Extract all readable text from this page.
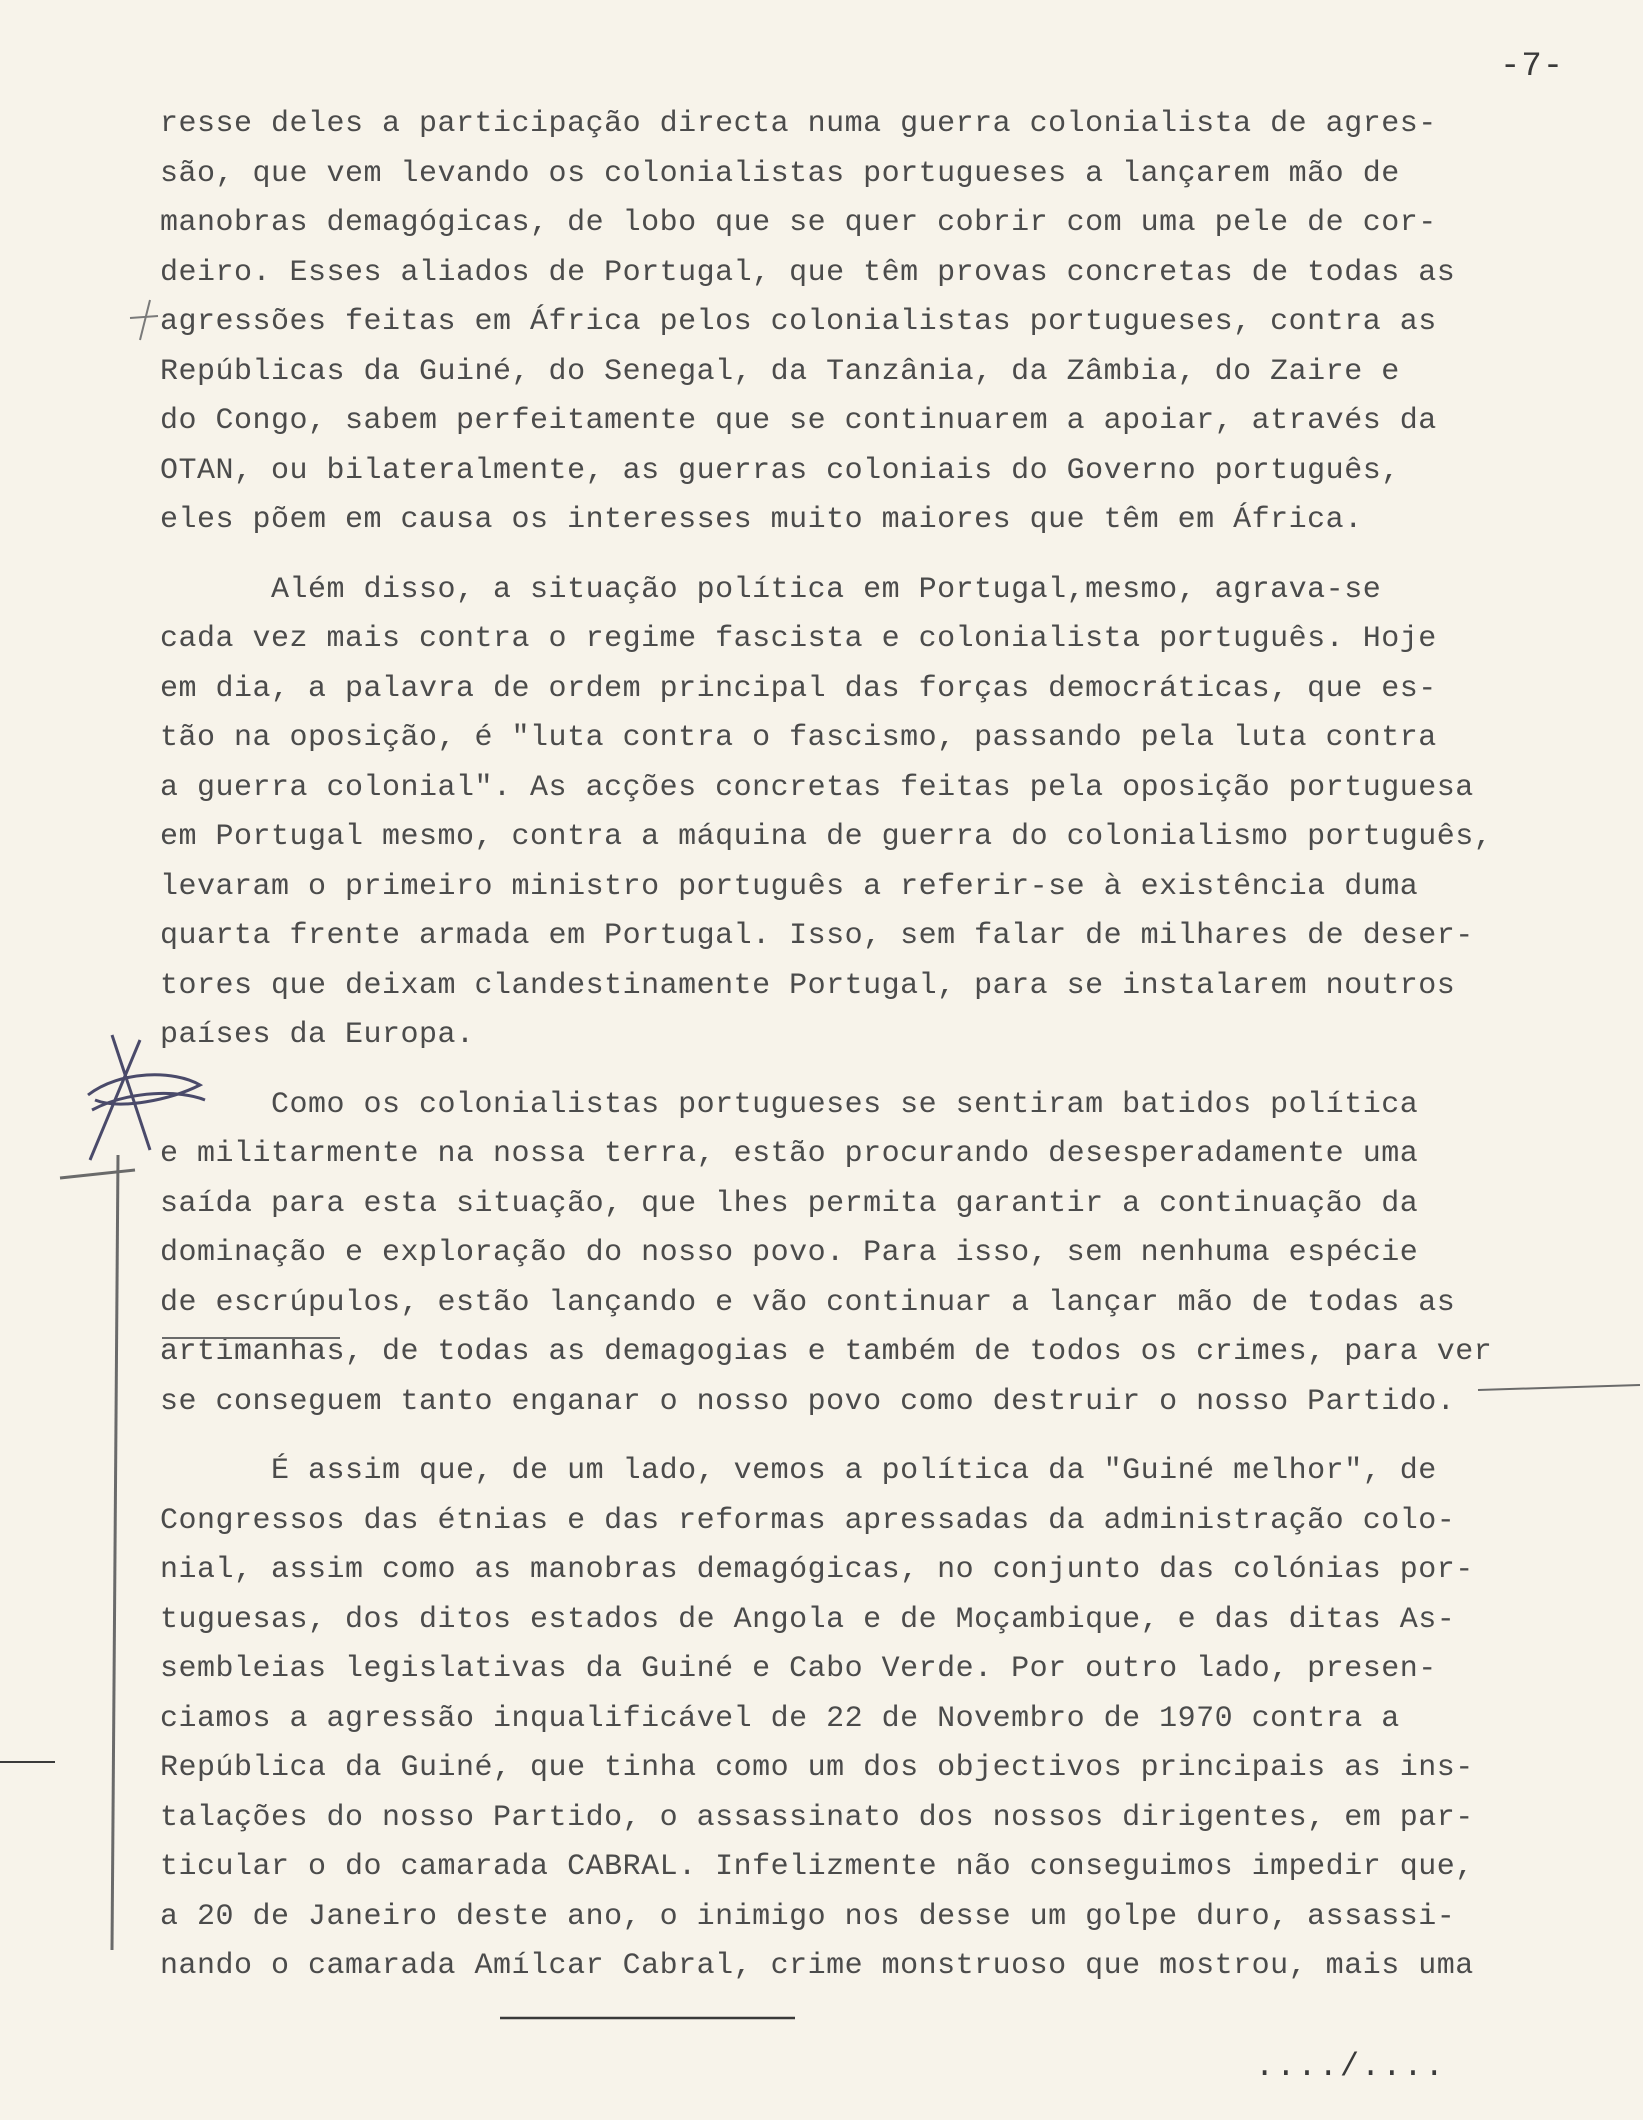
-7-

resse deles a participação directa numa guerra colonialista de agres-
são, que vem levando os colonialistas portugueses a lançarem mão de
manobras demagógicas, de lobo que se quer cobrir com uma pele de cor-
deiro. Esses aliados de Portugal, que têm provas concretas de todas as
agressões feitas em África pelos colonialistas portugueses, contra as
Repúblicas da Guiné, do Senegal, da Tanzânia, da Zâmbia, do Zaire e
do Congo, sabem perfeitamente que se continuarem a apoiar, através da
OTAN, ou bilateralmente, as guerras coloniais do Governo português,
eles põem em causa os interesses muito maiores que têm em África.

Além disso, a situação política em Portugal,mesmo, agrava-se
cada vez mais contra o regime fascista e colonialista português. Hoje
em dia, a palavra de ordem principal das forças democráticas, que es-
tão na oposição, é "luta contra o fascismo, passando pela luta contra
a guerra colonial". As acções concretas feitas pela oposição portuguesa
em Portugal mesmo, contra a máquina de guerra do colonialismo português,
levaram o primeiro ministro português a referir-se à existência duma
quarta frente armada em Portugal. Isso, sem falar de milhares de deser-
tores que deixam clandestinamente Portugal, para se instalarem noutros
países da Europa.

Como os colonialistas portugueses se sentiram batidos política
e militarmente na nossa terra, estão procurando desesperadamente uma
saída para esta situação, que lhes permita garantir a continuação da
dominação e exploração do nosso povo. Para isso, sem nenhuma espécie
de escrúpulos, estão lançando e vão continuar a lançar mão de todas as
artimanhas, de todas as demagogias e também de todos os crimes, para ver
se conseguem tanto enganar o nosso povo como destruir o nosso Partido.

É assim que, de um lado, vemos a política da "Guiné melhor", de
Congressos das étnias e das reformas apressadas da administração colo-
nial, assim como as manobras demagógicas, no conjunto das colónias por-
tuguesas, dos ditos estados de Angola e de Moçambique, e das ditas As-
sembleias legislativas da Guiné e Cabo Verde. Por outro lado, presen-
ciamos a agressão inqualificável de 22 de Novembro de 1970 contra a
República da Guiné, que tinha como um dos objectivos principais as ins-
talações do nosso Partido, o assassinato dos nossos dirigentes, em par-
ticular o do camarada CABRAL. Infelizmente não conseguimos impedir que,
a 20 de Janeiro deste ano, o inimigo nos desse um golpe duro, assassi-
nando o camarada Amílcar Cabral, crime monstruoso que mostrou, mais uma

..../....
